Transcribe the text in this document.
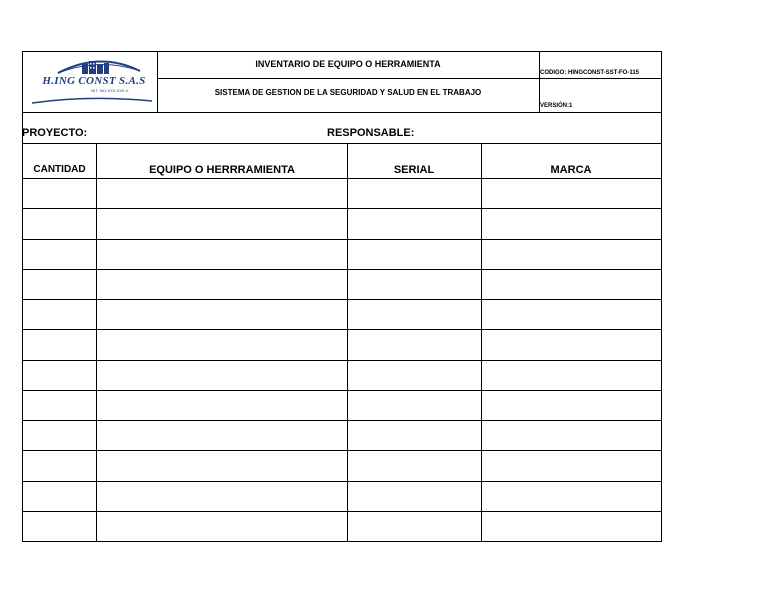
H.ING CONST S.A.S
NIT. 901.XXX.XXX-X
INVENTARIO DE EQUIPO O HERRAMIENTA
SISTEMA DE GESTION DE LA SEGURIDAD Y SALUD EN EL TRABAJO
CODIGO: HINGCONST-SST-FO-115
VERSIÓN:1
PROYECTO:	RESPONSABLE:
CANTIDAD	EQUIPO O HERRRAMIENTA	SERIAL	MARCA
